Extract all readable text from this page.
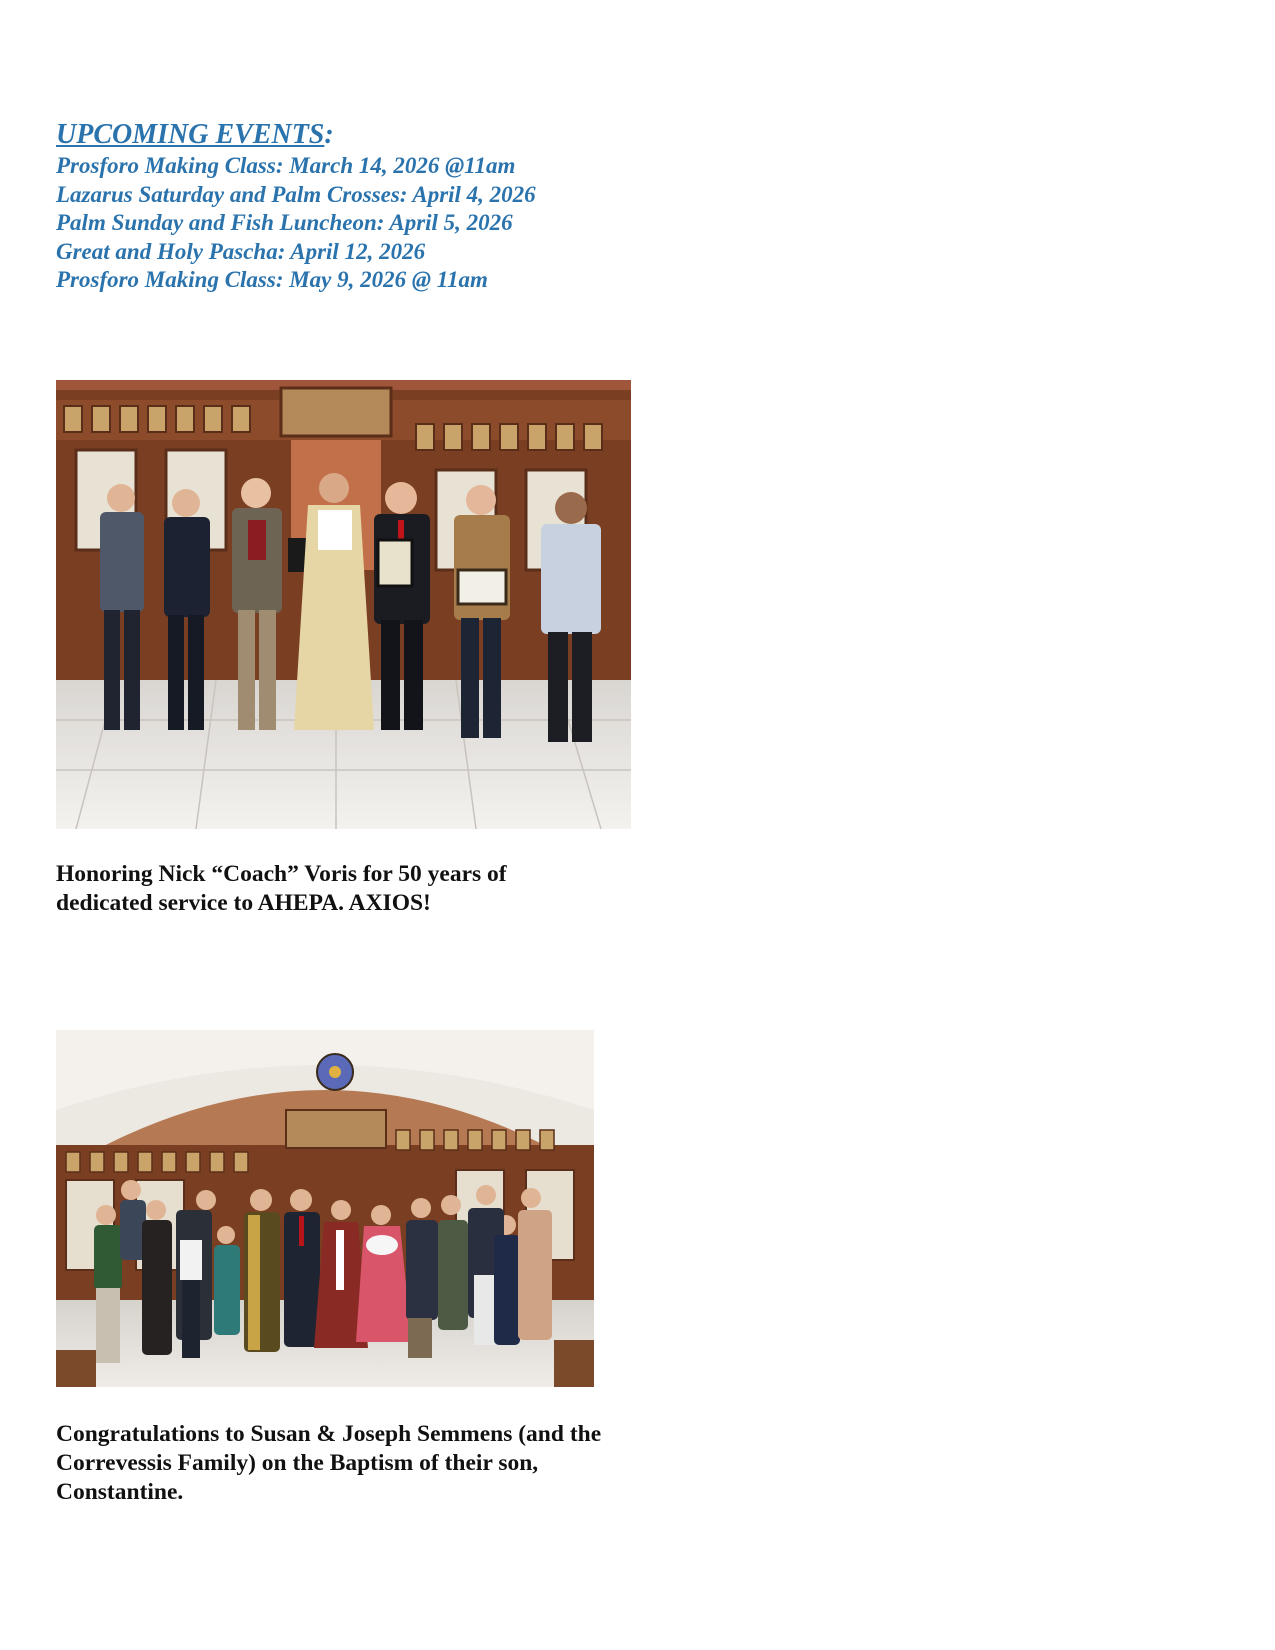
UPCOMING EVENTS:
Prosforo Making Class: March 14, 2026 @11am
Lazarus Saturday and Palm Crosses: April 4, 2026
Palm Sunday and Fish Luncheon: April 5, 2026
Great and Holy Pascha: April 12, 2026
Prosforo Making Class: May 9, 2026 @ 11am

Honoring Nick “Coach” Voris for 50 years of dedicated service to AHEPA. AXIOS!

Congratulations to Susan & Joseph Semmens (and the Correvessis Family) on the Baptism of their son, Constantine.
